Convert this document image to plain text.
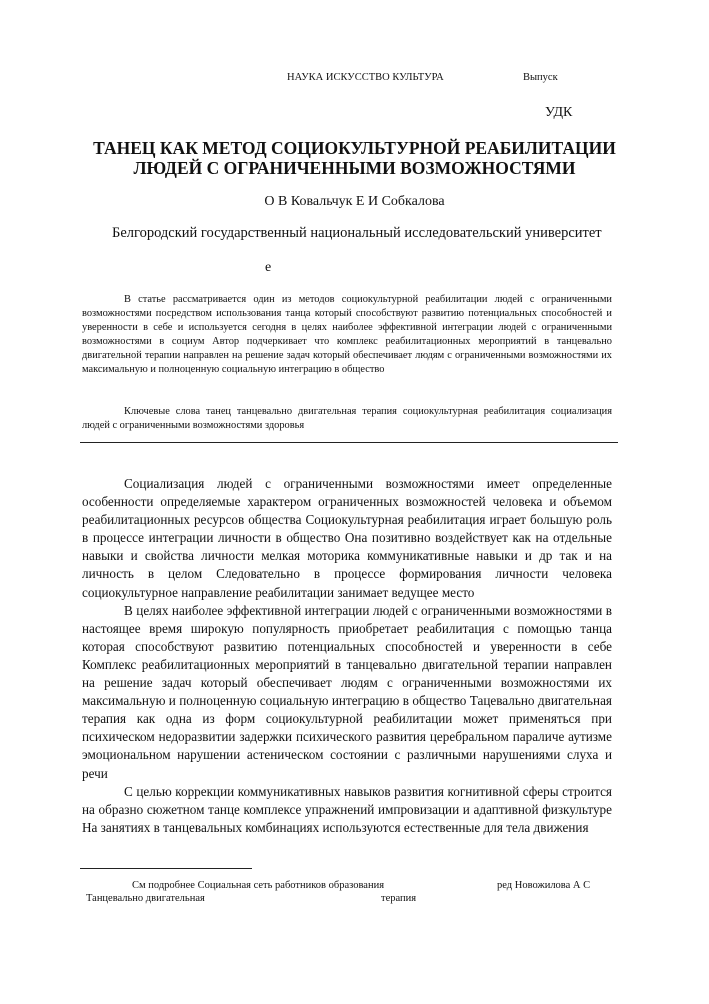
НАУКА ИСКУССТВО КУЛЬТУРА	Выпуск
УДК
ТАНЕЦ КАК МЕТОД СОЦИОКУЛЬТУРНОЙ РЕАБИЛИТАЦИИ
ЛЮДЕЙ С ОГРАНИЧЕННЫМИ ВОЗМОЖНОСТЯМИ
О В Ковальчук Е И Собкалова
Белгородский государственный национальный исследовательский университет
е
В статье рассматривается один из методов социокультурной реабилитации людей с ограниченными возможностями посредством использования танца который способствуют развитию потенциальных способностей и уверенности в себе и используется сегодня в целях наиболее эффективной интеграции людей с ограниченными возможностями в социум Автор подчеркивает что комплекс реабилитационных мероприятий в танцевально двигательной терапии направлен на решение задач который обеспечивает людям с ограниченными возможностями их максимальную и полноценную социальную интеграцию в общество
Ключевые слова танец танцевально двигательная терапия социокультурная реабилитация социализация людей с ограниченными возможностями здоровья

Социализация людей с ограниченными возможностями имеет определенные особенности определяемые характером ограниченных возможностей человека и объемом реабилитационных ресурсов общества Социокультурная реабилитация играет большую роль в процессе интеграции личности в общество Она позитивно воздействует как на отдельные навыки и свойства личности мелкая моторика коммуникативные навыки и др так и на личность в целом Следовательно в процессе формирования личности человека социокультурное направление реабилитации занимает ведущее место

В целях наиболее эффективной интеграции людей с ограниченными возможностями в настоящее время широкую популярность приобретает реабилитация с помощью танца которая способствуют развитию потенциальных способностей и уверенности в себе Комплекс реабилитационных мероприятий в танцевально двигательной терапии направлен на решение задач который обеспечивает людям с ограниченными возможностями их максимальную и полноценную социальную интеграцию в общество Тацевально двигательная терапия как одна из форм социокультурной реабилитации может применяться при психическом недоразвитии задержки психического развития церебральном параличе аутизме эмоциональном нарушении астеническом состоянии с различными нарушениями слуха и речи

С целью коррекции коммуникативных навыков развития когнитивной сферы строится на образно сюжетном танце комплексе упражнений импровизации и адаптивной физкультуре На занятиях в танцевальных комбинациях используются естественные для тела движения

См подробнее Социальная сеть работников образования	ред Новожилова А С
Танцевально двигательная	терапия
